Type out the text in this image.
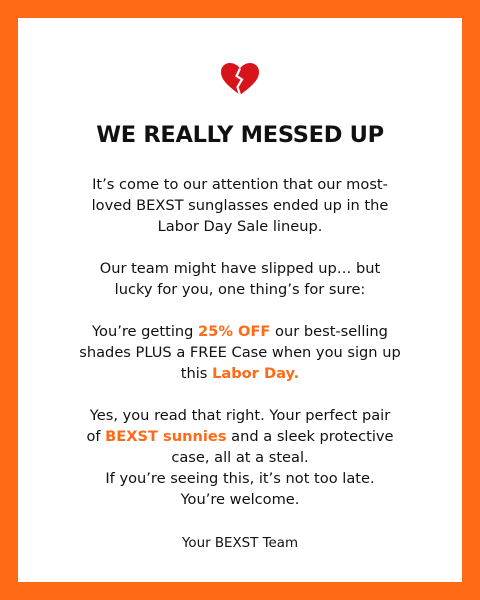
WE REALLY MESSED UP

It’s come to our attention that our most-
loved BEXST sunglasses ended up in the
Labor Day Sale lineup.

Our team might have slipped up… but
lucky for you, one thing’s for sure:

You’re getting 25% OFF our best-selling
shades PLUS a FREE Case when you sign up
this Labor Day.

Yes, you read that right. Your perfect pair
of BEXST sunnies and a sleek protective
case, all at a steal.
If you’re seeing this, it’s not too late.
You’re welcome.

Your BEXST Team
